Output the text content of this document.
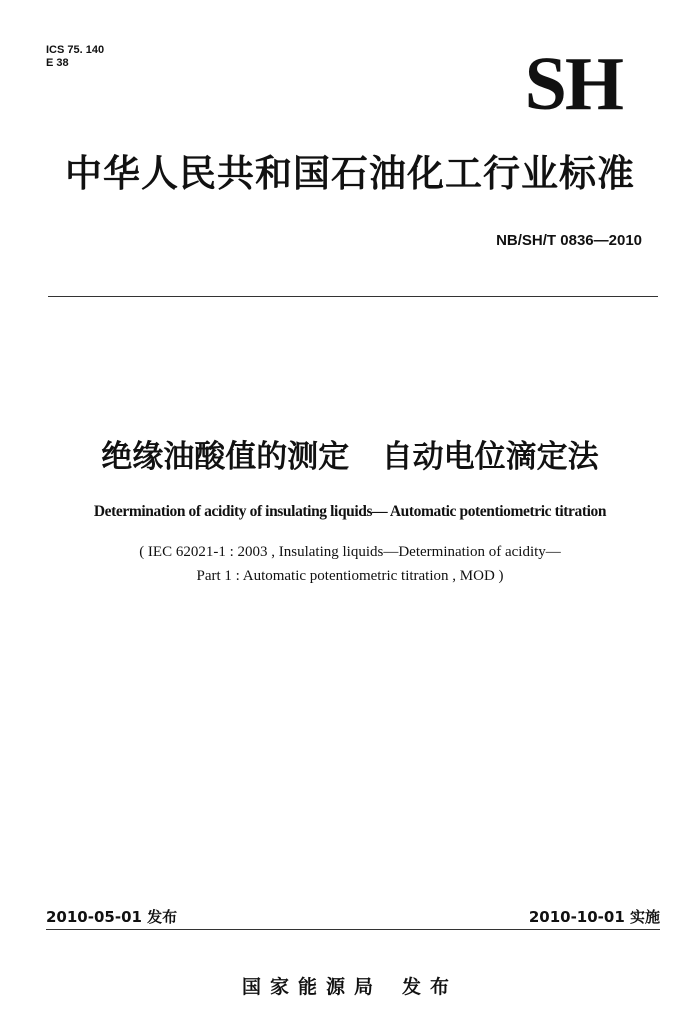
ICS 75. 140
E 38	SH
中华人民共和国石油化工行业标准
NB/SH/T 0836—2010
绝缘油酸值的测定   自动电位滴定法
Determination of acidity of insulating liquids— Automatic potentiometric titration
( IEC 62021-1 : 2003 , Insulating liquids—Determination of acidity—
Part 1 : Automatic potentiometric titration , MOD )
2010-05-01 发布	2010-10-01 实施
国家能源局 发布
